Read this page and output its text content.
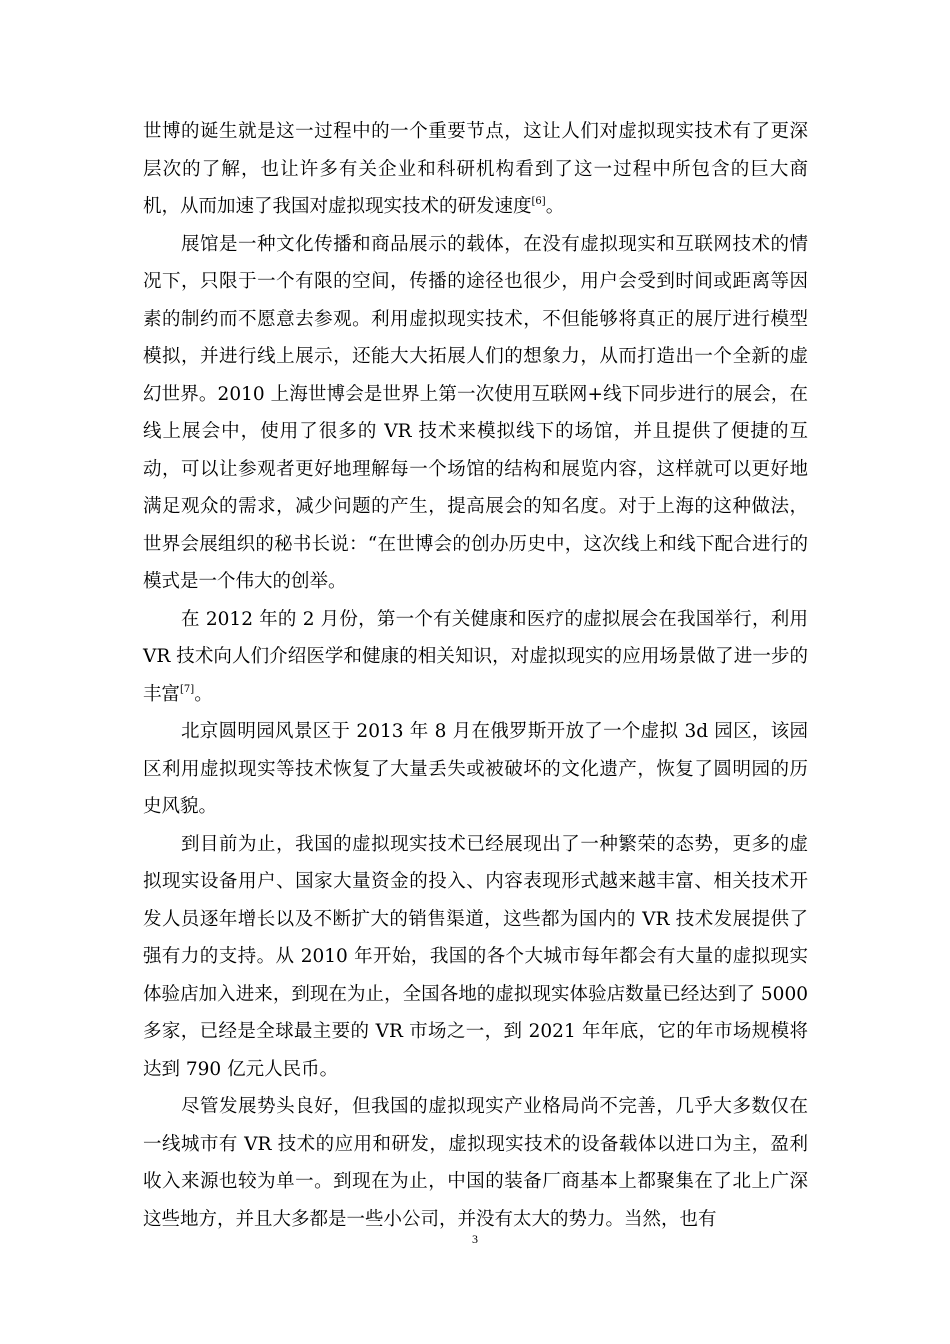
世博的诞生就是这一过程中的一个重要节点，这让人们对虚拟现实技术有了更深层次的了解，也让许多有关企业和科研机构看到了这一过程中所包含的巨大商机，从而加速了我国对虚拟现实技术的研发速度[6]。

展馆是一种文化传播和商品展示的载体，在没有虚拟现实和互联网技术的情况下，只限于一个有限的空间，传播的途径也很少，用户会受到时间或距离等因素的制约而不愿意去参观。利用虚拟现实技术，不但能够将真正的展厅进行模型模拟，并进行线上展示，还能大大拓展人们的想象力，从而打造出一个全新的虚幻世界。2010 上海世博会是世界上第一次使用互联网+线下同步进行的展会，在线上展会中，使用了很多的 VR 技术来模拟线下的场馆，并且提供了便捷的互动，可以让参观者更好地理解每一个场馆的结构和展览内容，这样就可以更好地满足观众的需求，减少问题的产生，提高展会的知名度。对于上海的这种做法，世界会展组织的秘书长说：“在世博会的创办历史中，这次线上和线下配合进行的模式是一个伟大的创举。

在 2012 年的 2 月份，第一个有关健康和医疗的虚拟展会在我国举行，利用 VR 技术向人们介绍医学和健康的相关知识，对虚拟现实的应用场景做了进一步的丰富[7]。

北京圆明园风景区于 2013 年 8 月在俄罗斯开放了一个虚拟 3d 园区，该园区利用虚拟现实等技术恢复了大量丢失或被破坏的文化遗产，恢复了圆明园的历史风貌。

到目前为止，我国的虚拟现实技术已经展现出了一种繁荣的态势，更多的虚拟现实设备用户、国家大量资金的投入、内容表现形式越来越丰富、相关技术开发人员逐年增长以及不断扩大的销售渠道，这些都为国内的 VR 技术发展提供了强有力的支持。从 2010 年开始，我国的各个大城市每年都会有大量的虚拟现实体验店加入进来，到现在为止，全国各地的虚拟现实体验店数量已经达到了 5000 多家，已经是全球最主要的 VR 市场之一，到 2021 年年底，它的年市场规模将达到 790 亿元人民币。

尽管发展势头良好，但我国的虚拟现实产业格局尚不完善，几乎大多数仅在一线城市有 VR 技术的应用和研发，虚拟现实技术的设备载体以进口为主，盈利收入来源也较为单一。到现在为止，中国的装备厂商基本上都聚集在了北上广深这些地方，并且大多都是一些小公司，并没有太大的势力。当然，也有

3
